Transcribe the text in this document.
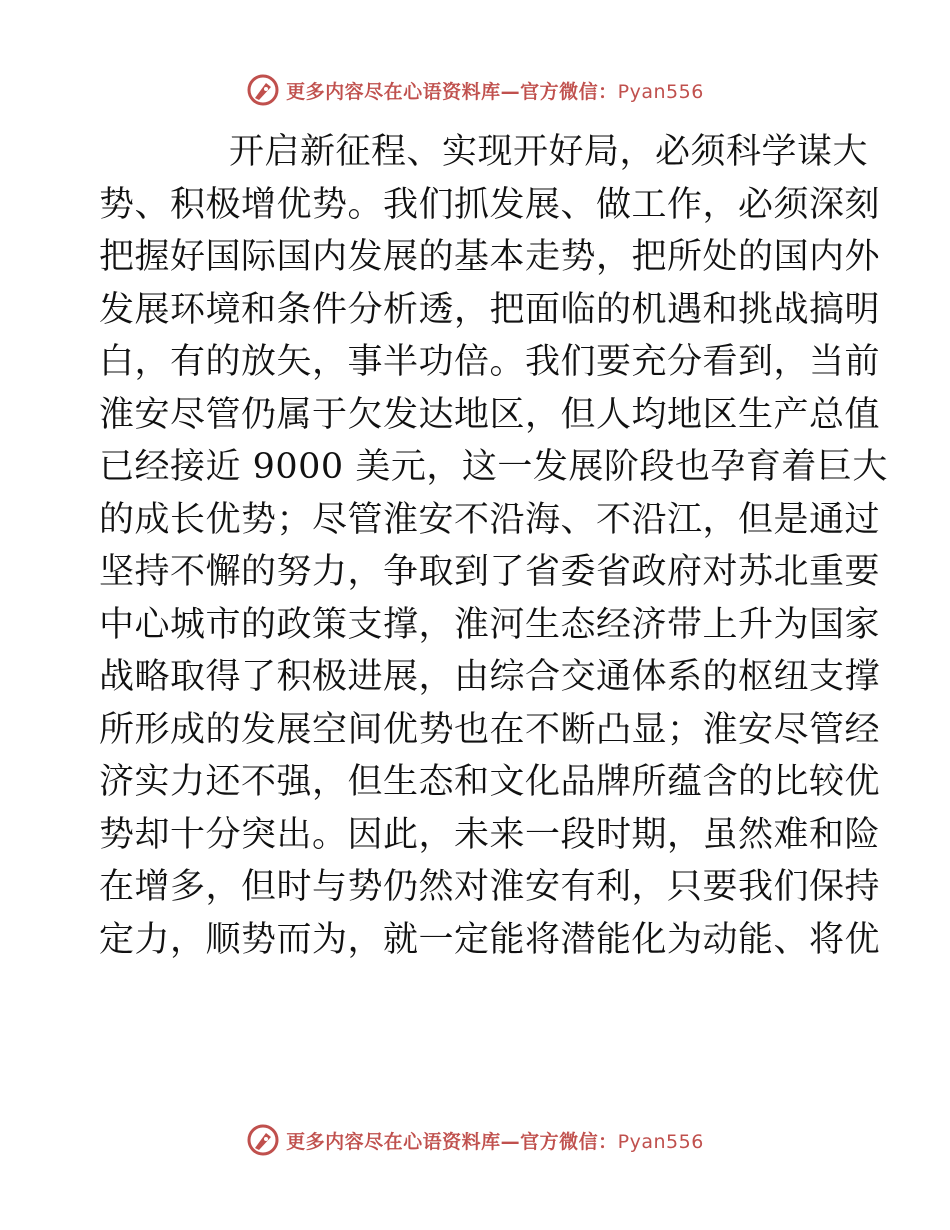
更多内容尽在心语资料库—官方微信：Pyan556
开启新征程、实现开好局，必须科学谋大
势、积极增优势。我们抓发展、做工作，必须深刻
把握好国际国内发展的基本走势，把所处的国内外
发展环境和条件分析透，把面临的机遇和挑战搞明
白，有的放矢，事半功倍。我们要充分看到，当前
淮安尽管仍属于欠发达地区，但人均地区生产总值
已经接近 9000 美元，这一发展阶段也孕育着巨大
的成长优势；尽管淮安不沿海、不沿江，但是通过
坚持不懈的努力，争取到了省委省政府对苏北重要
中心城市的政策支撑，淮河生态经济带上升为国家
战略取得了积极进展，由综合交通体系的枢纽支撑
所形成的发展空间优势也在不断凸显；淮安尽管经
济实力还不强，但生态和文化品牌所蕴含的比较优
势却十分突出。因此，未来一段时期，虽然难和险
在增多，但时与势仍然对淮安有利，只要我们保持
定力，顺势而为，就一定能将潜能化为动能、将优
更多内容尽在心语资料库—官方微信：Pyan556
